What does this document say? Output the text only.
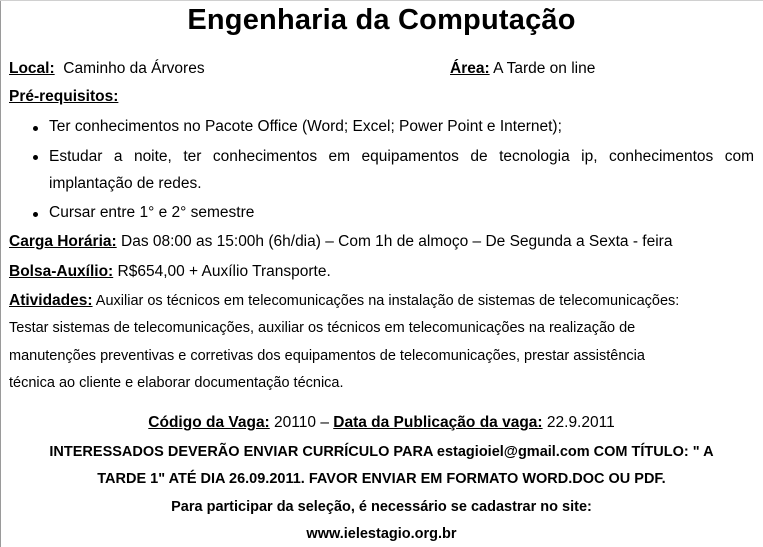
Engenharia da Computação
Local: Caminho da Árvores	Área: A Tarde on line
Pré-requisitos:
Ter conhecimentos no Pacote Office (Word; Excel; Power Point e Internet);
Estudar a noite, ter conhecimentos em equipamentos de tecnologia ip, conhecimentos com
implantação de redes.
Cursar entre 1° e 2° semestre
Carga Horária: Das 08:00 as 15:00h (6h/dia) – Com 1h de almoço – De Segunda a Sexta - feira
Bolsa-Auxílio: R$654,00 + Auxílio Transporte.
Atividades: Auxiliar os técnicos em telecomunicações na instalação de sistemas de telecomunicações:
Testar sistemas de telecomunicações, auxiliar os técnicos em telecomunicações na realização de
manutenções preventivas e corretivas dos equipamentos de telecomunicações, prestar assistência
técnica ao cliente e elaborar documentação técnica.
Código da Vaga: 20110 – Data da Publicação da vaga: 22.9.2011
INTERESSADOS DEVERÃO ENVIAR CURRÍCULO PARA estagioiel@gmail.com COM TÍTULO: " A
TARDE 1" ATÉ DIA 26.09.2011. FAVOR ENVIAR EM FORMATO WORD.DOC OU PDF.
Para participar da seleção, é necessário se cadastrar no site:
www.ielestagio.org.br
